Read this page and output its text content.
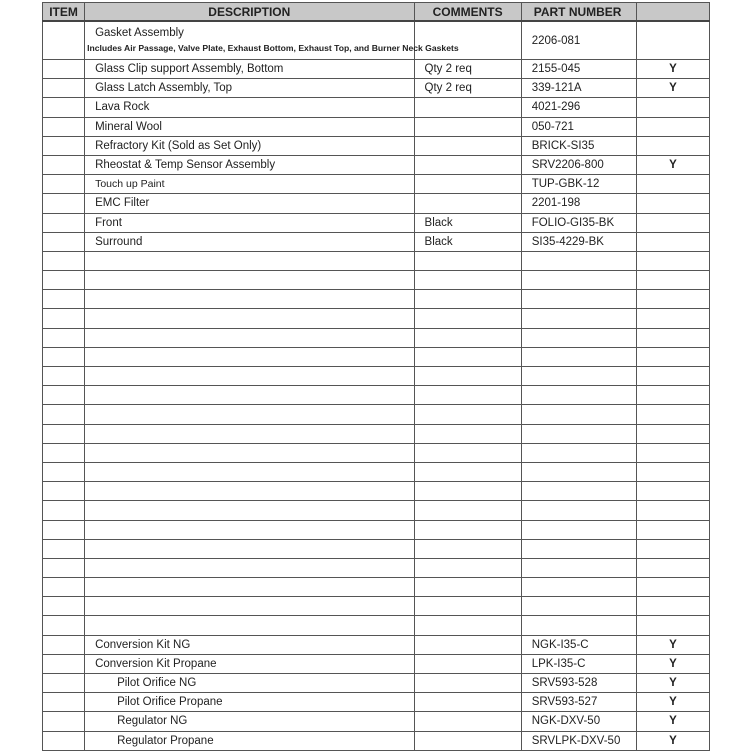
ITEM	DESCRIPTION	COMMENTS	PART NUMBER	

	Gasket Assembly
Includes Air Passage, Valve Plate, Exhaust Bottom, Exhaust Top, and Burner Neck Gaskets		2206-081	
	Glass Clip support Assembly, Bottom	Qty 2 req	2155-045	Y
	Glass Latch Assembly, Top	Qty 2 req	339-121A	Y
	Lava Rock		4021-296	
	Mineral Wool		050-721	
	Refractory Kit (Sold as Set Only)		BRICK-SI35	
	Rheostat & Temp Sensor Assembly		SRV2206-800	Y
	Touch up Paint		TUP-GBK-12	
	EMC Filter		2201-198	
	Front	Black	FOLIO-GI35-BK	
	Surround	Black	SI35-4229-BK	

	Conversion Kit NG		NGK-I35-C	Y
	Conversion Kit Propane		LPK-I35-C	Y
	Pilot Orifice NG		SRV593-528	Y
	Pilot Orifice Propane		SRV593-527	Y
	Regulator NG		NGK-DXV-50	Y
	Regulator Propane		SRVLPK-DXV-50	Y
